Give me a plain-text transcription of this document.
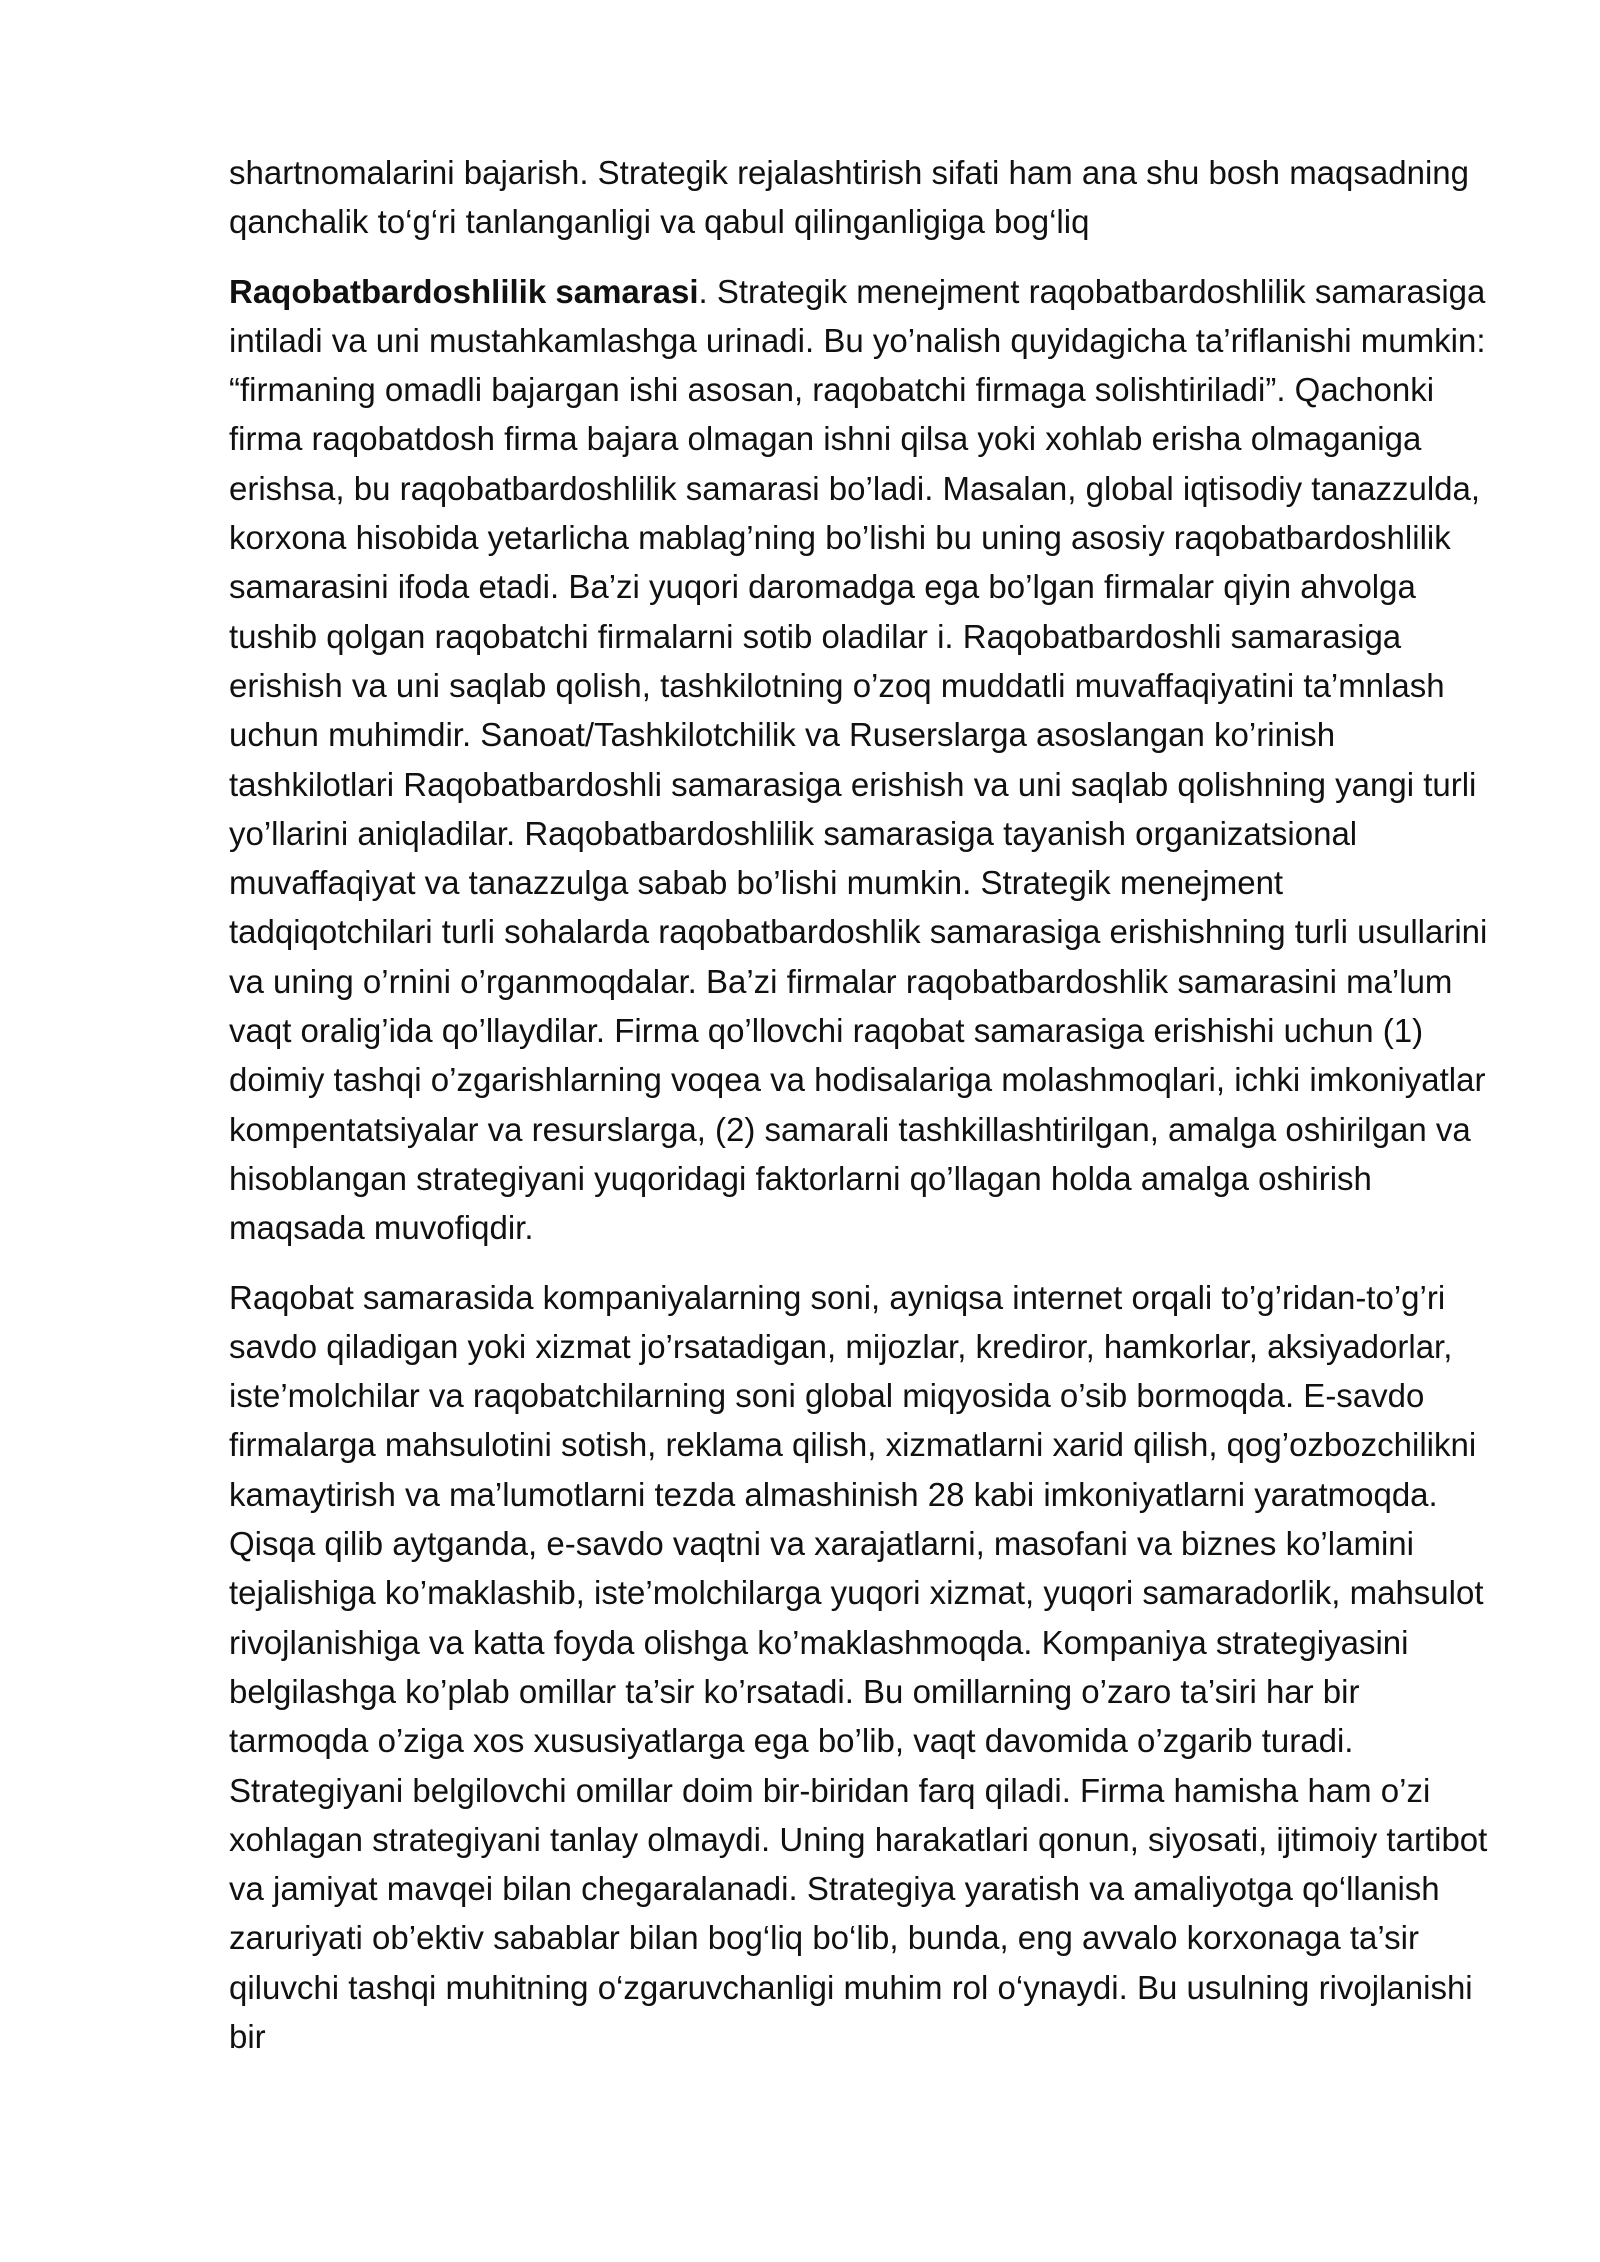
shartnomalarini bajarish. Strategik rejalashtirish sifati ham ana shu bosh maqsadning qanchalik to‘g‘ri tanlanganligi va qabul qilinganligiga bog‘liq

Raqobatbardoshlilik samarasi. Strategik menejment raqobatbardoshlilik samarasiga intiladi va uni mustahkamlashga urinadi. Bu yo’nalish quyidagicha ta’riflanishi mumkin: “firmaning omadli bajargan ishi asosan, raqobatchi firmaga solishtiriladi”. Qachonki firma raqobatdosh firma bajara olmagan ishni qilsa yoki xohlab erisha olmaganiga erishsa, bu raqobatbardoshlilik samarasi bo’ladi. Masalan, global iqtisodiy tanazzulda, korxona hisobida yetarlicha mablag’ning bo’lishi bu uning asosiy raqobatbardoshlilik samarasini ifoda etadi. Ba’zi yuqori daromadga ega bo’lgan firmalar qiyin ahvolga tushib qolgan raqobatchi firmalarni sotib oladilar i. Raqobatbardoshli samarasiga erishish va uni saqlab qolish, tashkilotning o’zoq muddatli muvaffaqiyatini ta’mnlash uchun muhimdir. Sanoat/Tashkilotchilik va Ruserslarga asoslangan ko’rinish tashkilotlari Raqobatbardoshli samarasiga erishish va uni saqlab qolishning yangi turli yo’llarini aniqladilar. Raqobatbardoshlilik samarasiga tayanish organizatsional muvaffaqiyat va tanazzulga sabab bo’lishi mumkin. Strategik menejment tadqiqotchilari turli sohalarda raqobatbardoshlik samarasiga erishishning turli usullarini va uning o’rnini o’rganmoqdalar. Ba’zi firmalar raqobatbardoshlik samarasini ma’lum vaqt oralig’ida qo’llaydilar. Firma qo’llovchi raqobat samarasiga erishishi uchun (1) doimiy tashqi o’zgarishlarning voqea va hodisalariga molashmoqlari, ichki imkoniyatlar kompentatsiyalar va resurslarga, (2) samarali tashkillashtirilgan, amalga oshirilgan va hisoblangan strategiyani yuqoridagi faktorlarni qo’llagan holda amalga oshirish maqsada muvofiqdir.

Raqobat samarasida kompaniyalarning soni, ayniqsa internet orqali to’g’ridan-to’g’ri savdo qiladigan yoki xizmat jo’rsatadigan, mijozlar, krediror, hamkorlar, aksiyadorlar, iste’molchilar va raqobatchilarning soni global miqyosida o’sib bormoqda. E-savdo firmalarga mahsulotini sotish, reklama qilish, xizmatlarni xarid qilish, qog’ozbozchilikni kamaytirish va ma’lumotlarni tezda almashinish 28 kabi imkoniyatlarni yaratmoqda. Qisqa qilib aytganda, e-savdo vaqtni va xarajatlarni, masofani va biznes ko’lamini tejalishiga ko’maklashib, iste’molchilarga yuqori xizmat, yuqori samaradorlik, mahsulot rivojlanishiga va katta foyda olishga ko’maklashmoqda. Kompaniya strategiyasini belgilashga ko’plab omillar ta’sir ko’rsatadi. Bu omillarning o’zaro ta’siri har bir tarmoqda o’ziga xos xususiyatlarga ega bo’lib, vaqt davomida o’zgarib turadi. Strategiyani belgilovchi omillar doim bir-biridan farq qiladi. Firma hamisha ham o’zi xohlagan strategiyani tanlay olmaydi. Uning harakatlari qonun, siyosati, ijtimoiy tartibot va jamiyat mavqei bilan chegaralanadi. Strategiya yaratish va amaliyotga qo‘llanish zaruriyati ob’ektiv sabablar bilan bog‘liq bo‘lib, bunda, eng avvalo korxonaga ta’sir qiluvchi tashqi muhitning o‘zgaruvchanligi muhim rol o‘ynaydi. Bu usulning rivojlanishi bir
